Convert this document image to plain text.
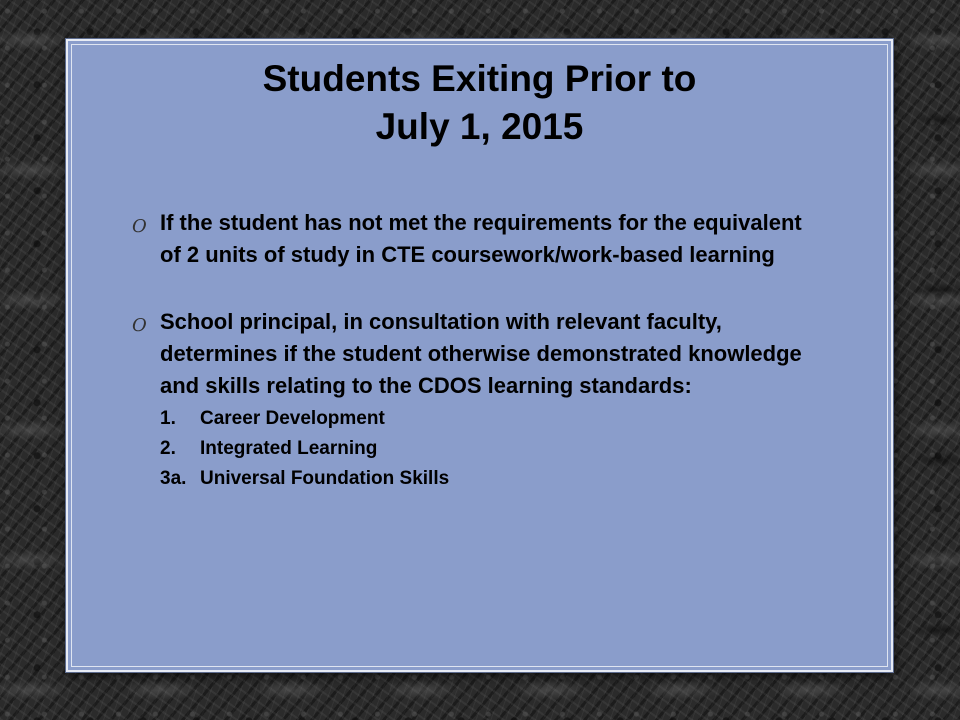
Students Exiting Prior to
July 1, 2015
O If the student has not met the requirements for the equivalent of 2 units of study in CTE coursework/work-based learning
O School principal, in consultation with relevant faculty, determines if the student otherwise demonstrated knowledge and skills relating to the CDOS learning standards:
1.	Career Development
2.	Integrated Learning
3a. Universal Foundation Skills
